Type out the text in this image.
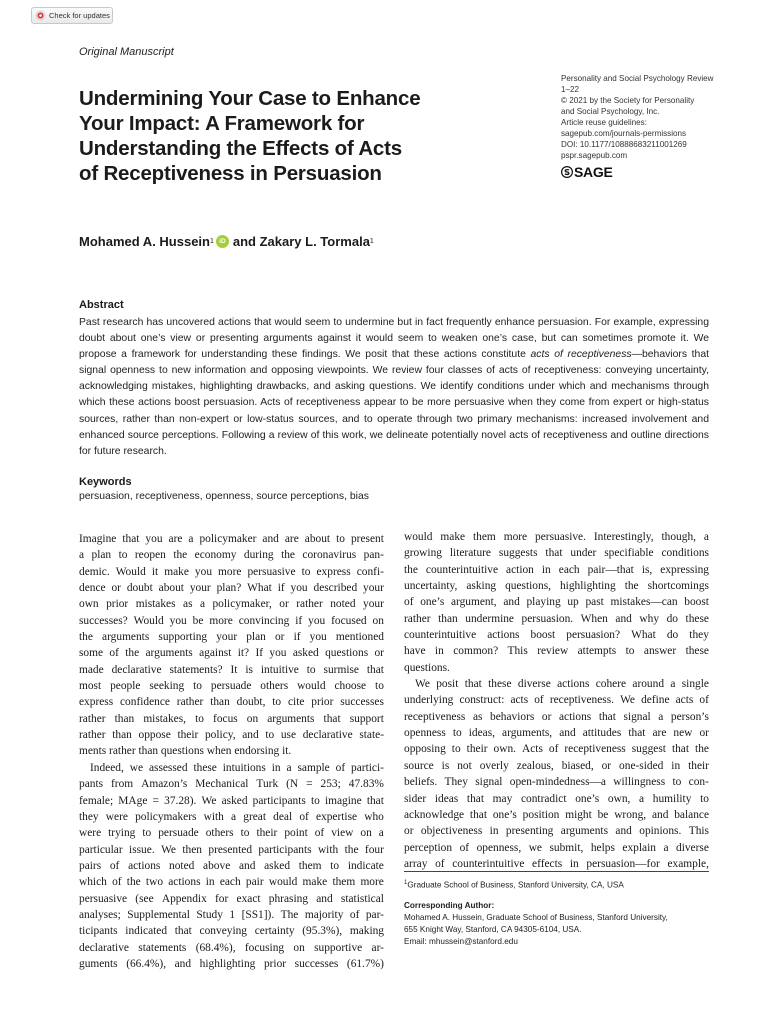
Check for updates
Original Manuscript
Personality and Social Psychology Review
1–22
© 2021 by the Society for Personality
and Social Psychology, Inc.
Article reuse guidelines:
sagepub.com/journals-permissions
DOI: 10.1177/10888683211001269
pspr.sagepub.com
SAGE
Undermining Your Case to Enhance
Your Impact: A Framework for
Understanding the Effects of Acts
of Receptiveness in Persuasion
Mohamed A. Hussein 1 iD and Zakary L. Tormala 1
Abstract
Past research has uncovered actions that would seem to undermine but in fact frequently enhance persuasion. For example, expressing doubt about one’s view or presenting arguments against it would seem to weaken one’s case, but can sometimes promote it. We propose a framework for understanding these findings. We posit that these actions constitute acts of receptiveness—behaviors that signal openness to new information and opposing viewpoints. We review four classes of acts of receptiveness: conveying uncertainty, acknowledging mistakes, highlighting drawbacks, and asking questions. We identify conditions under which and mechanisms through which these actions boost persuasion. Acts of receptiveness appear to be more persuasive when they come from expert or high-status sources, rather than non-expert or low-status sources, and to operate through two primary mechanisms: increased involvement and enhanced source perceptions. Following a review of this work, we delineate potentially novel acts of receptiveness and outline directions for future research.
Keywords
persuasion, receptiveness, openness, source perceptions, bias
Imagine that you are a policymaker and are about to present
a plan to reopen the economy during the coronavirus pan-
demic. Would it make you more persuasive to express confi-
dence or doubt about your plan? What if you described your
own prior mistakes as a policymaker, or rather noted your
successes? Would you be more convincing if you focused on
the arguments supporting your plan or if you mentioned
some of the arguments against it? If you asked questions or
made declarative statements? It is intuitive to surmise that
most people seeking to persuade others would choose to
express confidence rather than doubt, to cite prior successes
rather than mistakes, to focus on arguments that support
rather than oppose their policy, and to use declarative state-
ments rather than questions when endorsing it.
Indeed, we assessed these intuitions in a sample of partici-
pants from Amazon’s Mechanical Turk (N = 253; 47.83%
female; MAge = 37.28). We asked participants to imagine that
they were policymakers with a great deal of expertise who
were trying to persuade others to their point of view on a
particular issue. We then presented participants with the four
pairs of actions noted above and asked them to indicate
which of the two actions in each pair would make them more
persuasive (see Appendix for exact phrasing and statistical
analyses; Supplemental Study 1 [SS1]). The majority of par-
ticipants indicated that conveying certainty (95.3%), making
declarative statements (68.4%), focusing on supportive ar-
guments (66.4%), and highlighting prior successes (61.7%)
would make them more persuasive. Interestingly, though, a
growing literature suggests that under specifiable conditions
the counterintuitive action in each pair—that is, expressing
uncertainty, asking questions, highlighting the shortcomings
of one’s argument, and playing up past mistakes—can boost
rather than undermine persuasion. When and why do these
counterintuitive actions boost persuasion? What do they
have in common? This review attempts to answer these
questions.
We posit that these diverse actions cohere around a single
underlying construct: acts of receptiveness. We define acts of
receptiveness as behaviors or actions that signal a person’s
openness to ideas, arguments, and attitudes that are new or
opposing to their own. Acts of receptiveness suggest that the
source is not overly zealous, biased, or one-sided in their
beliefs. They signal open-mindedness—a willingness to con-
sider ideas that may contradict one’s own, a humility to
acknowledge that one’s position might be wrong, and balance
or objectiveness in presenting arguments and opinions. This
perception of openness, we submit, helps explain a diverse
array of counterintuitive effects in persuasion—for example,
$^1$Graduate School of Business, Stanford University, CA, USA
Corresponding Author:
Mohamed A. Hussein, Graduate School of Business, Stanford University,
655 Knight Way, Stanford, CA 94305-6104, USA.
Email: mhussein@stanford.edu
